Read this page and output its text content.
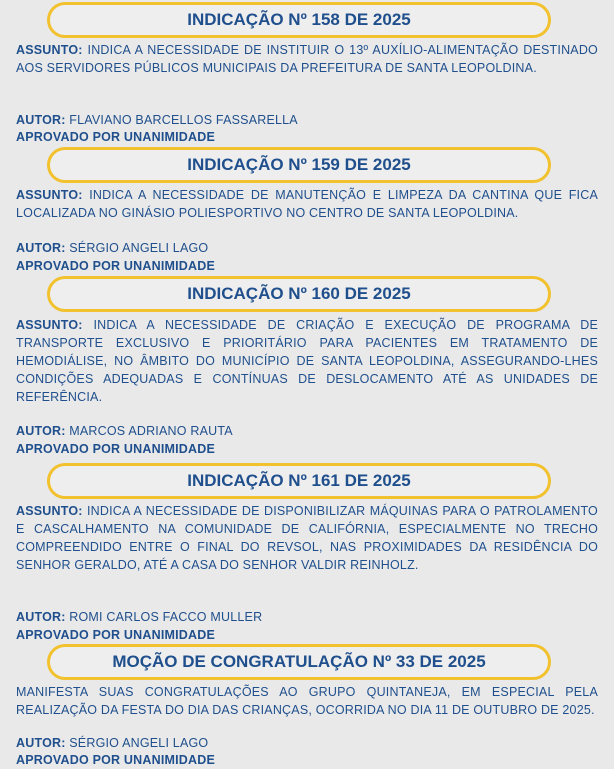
INDICAÇÃO Nº 158 DE 2025

ASSUNTO: INDICA A NECESSIDADE DE INSTITUIR O 13º AUXÍLIO-ALIMENTAÇÃO DESTINADO AOS SERVIDORES PÚBLICOS MUNICIPAIS DA PREFEITURA DE SANTA LEOPOLDINA.

AUTOR: FLAVIANO BARCELLOS FASSARELLA

APROVADO POR UNANIMIDADE

INDICAÇÃO Nº 159 DE 2025

ASSUNTO: INDICA A NECESSIDADE DE MANUTENÇÃO E LIMPEZA DA CANTINA QUE FICA LOCALIZADA NO GINÁSIO POLIESPORTIVO NO CENTRO DE SANTA LEOPOLDINA.

AUTOR: SÉRGIO ANGELI LAGO

APROVADO POR UNANIMIDADE

INDICAÇÃO Nº 160 DE 2025

ASSUNTO: INDICA A NECESSIDADE DE CRIAÇÃO E EXECUÇÃO DE PROGRAMA DE TRANSPORTE EXCLUSIVO E PRIORITÁRIO PARA PACIENTES EM TRATAMENTO DE HEMODIÁLISE, NO ÂMBITO DO MUNICÍPIO DE SANTA LEOPOLDINA, ASSEGURANDO-LHES CONDIÇÕES ADEQUADAS E CONTÍNUAS DE DESLOCAMENTO ATÉ AS UNIDADES DE REFERÊNCIA.

AUTOR: MARCOS ADRIANO RAUTA

APROVADO POR UNANIMIDADE

INDICAÇÃO Nº 161 DE 2025

ASSUNTO: INDICA A NECESSIDADE DE DISPONIBILIZAR MÁQUINAS PARA O PATROLAMENTO E CASCALHAMENTO NA COMUNIDADE DE CALIFÓRNIA, ESPECIALMENTE NO TRECHO COMPREENDIDO ENTRE O FINAL DO REVSOL, NAS PROXIMIDADES DA RESIDÊNCIA DO SENHOR GERALDO, ATÉ A CASA DO SENHOR VALDIR REINHOLZ.

AUTOR: ROMI CARLOS FACCO MULLER

APROVADO POR UNANIMIDADE

MOÇÃO DE CONGRATULAÇÃO Nº 33 DE 2025

MANIFESTA SUAS CONGRATULAÇÕES AO GRUPO QUINTANEJA, EM ESPECIAL PELA REALIZAÇÃO DA FESTA DO DIA DAS CRIANÇAS, OCORRIDA NO DIA 11 DE OUTUBRO DE 2025.

AUTOR: SÉRGIO ANGELI LAGO

APROVADO POR UNANIMIDADE
